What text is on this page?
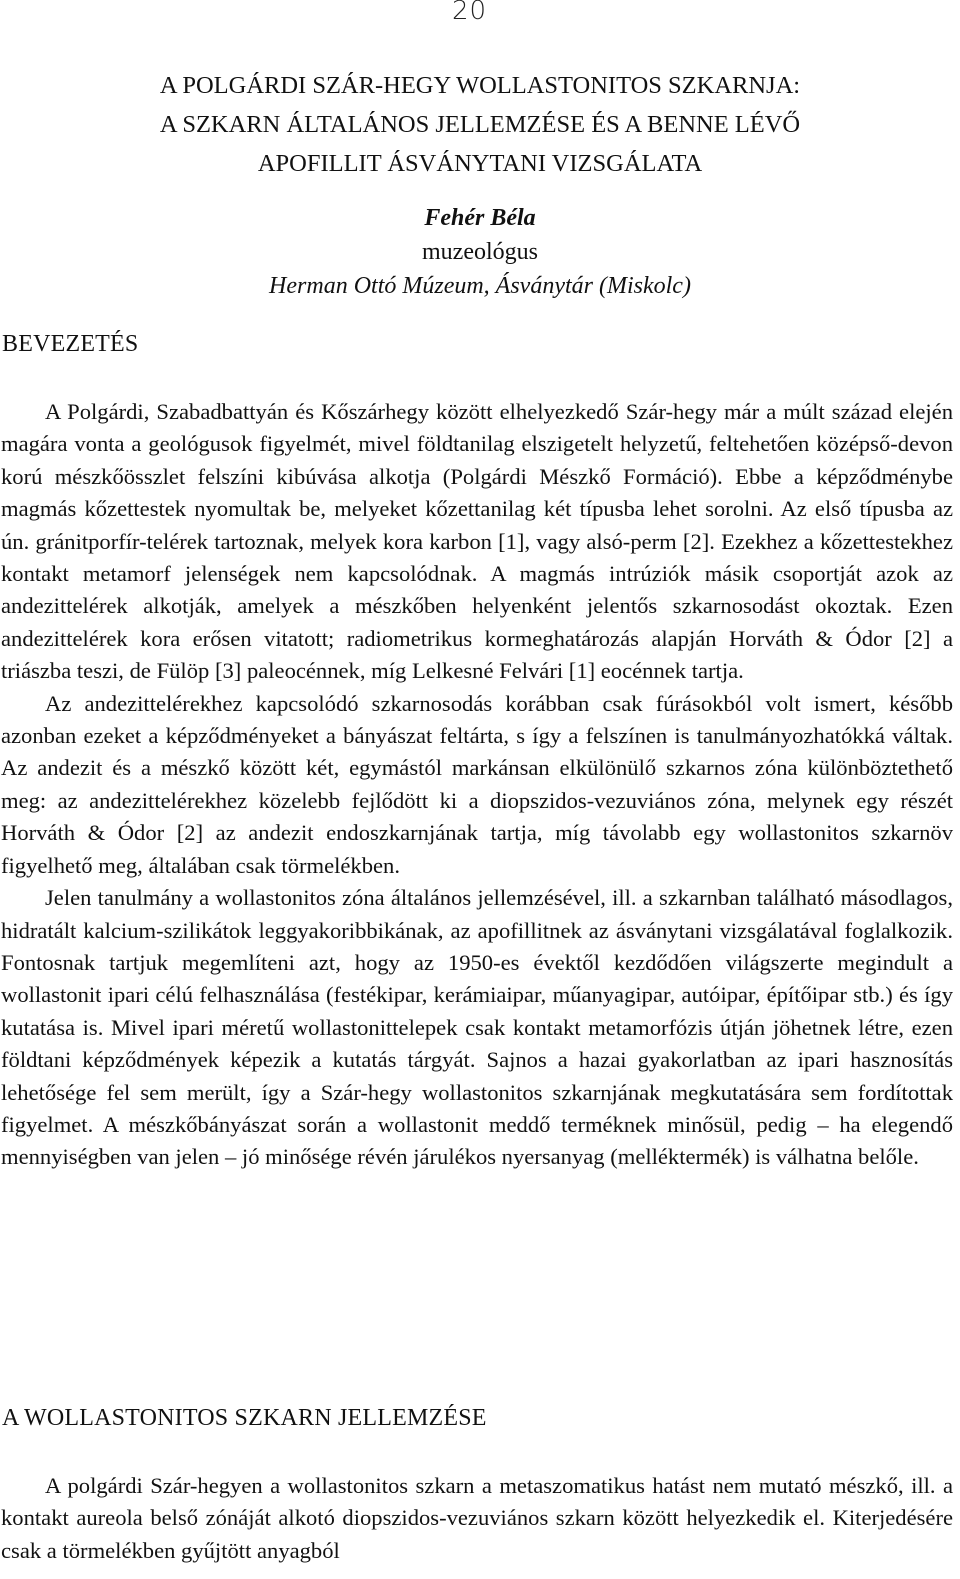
20
A POLGÁRDI SZÁR-HEGY WOLLASTONITOS SZKARNJA:
A SZKARN ÁLTALÁNOS JELLEMZÉSE ÉS A BENNE LÉVŐ
APOFILLIT ÁSVÁNYTANI VIZSGÁLATA
Fehér Béla
muzeológus
Herman Ottó Múzeum, Ásványtár (Miskolc)
BEVEZETÉS

A Polgárdi, Szabadbattyán és Kőszárhegy között elhelyezkedő Szár-hegy már a múlt század elején magára vonta a geológusok figyelmét, mivel földtanilag elszigetelt helyzetű, feltehetően középső-devon korú mészkőösszlet felszíni kibúvása alkotja (Polgárdi Mészkő Formáció). Ebbe a képződménybe magmás kőzettestek nyomultak be, melyeket kőzettanilag két típusba lehet sorolni. Az első típusba az ún. gránitporfír-telérek tartoznak, melyek kora karbon [1], vagy alsó-perm [2]. Ezekhez a kőzettestekhez kontakt metamorf jelenségek nem kapcsolódnak. A magmás intrúziók másik csoportját azok az andezittelérek alkotják, amelyek a mészkőben helyenként jelentős szkarnosodást okoztak. Ezen andezittelérek kora erősen vitatott; radiometrikus kormeghatározás alapján Horváth & Ódor [2] a triászba teszi, de Fülöp [3] paleocénnek, míg Lelkesné Felvári [1] eocénnek tartja.

Az andezittelérekhez kapcsolódó szkarnosodás korábban csak fúrásokból volt ismert, később azonban ezeket a képződményeket a bányászat feltárta, s így a felszínen is tanulmányozhatókká váltak. Az andezit és a mészkő között két, egymástól markánsan elkülönülő szkarnos zóna különböztethető meg: az andezittelérekhez közelebb fejlődött ki a diopszidos-vezuviános zóna, melynek egy részét Horváth & Ódor [2] az andezit endoszkarnjának tartja, míg távolabb egy wollastonitos szkarnöv figyelhető meg, általában csak törmelékben.

Jelen tanulmány a wollastonitos zóna általános jellemzésével, ill. a szkarnban található másodlagos, hidratált kalcium-szilikátok leggyakoribbikának, az apofillitnek az ásványtani vizsgálatával foglalkozik. Fontosnak tartjuk megemlíteni azt, hogy az 1950-es évektől kezdődően világszerte megindult a wollastonit ipari célú felhasználása (festékipar, kerámiaipar, műanyagipar, autóipar, építőipar stb.) és így kutatása is. Mivel ipari méretű wollastonittelepek csak kontakt metamorfózis útján jöhetnek létre, ezen földtani képződmények képezik a kutatás tárgyát. Sajnos a hazai gyakorlatban az ipari hasznosítás lehetősége fel sem merült, így a Szár-hegy wollastonitos szkarnjának megkutatására sem fordítottak figyelmet. A mészkőbányászat során a wollastonit meddő terméknek minősül, pedig – ha elegendő mennyiségben van jelen – jó minősége révén járulékos nyersanyag (melléktermék) is válhatna belőle.

A WOLLASTONITOS SZKARN JELLEMZÉSE

A polgárdi Szár-hegyen a wollastonitos szkarn a metaszomatikus hatást nem mutató mészkő, ill. a kontakt aureola belső zónáját alkotó diopszidos-vezuviános szkarn között helyezkedik el. Kiterjedésére csak a törmelékben gyűjtött anyagból
